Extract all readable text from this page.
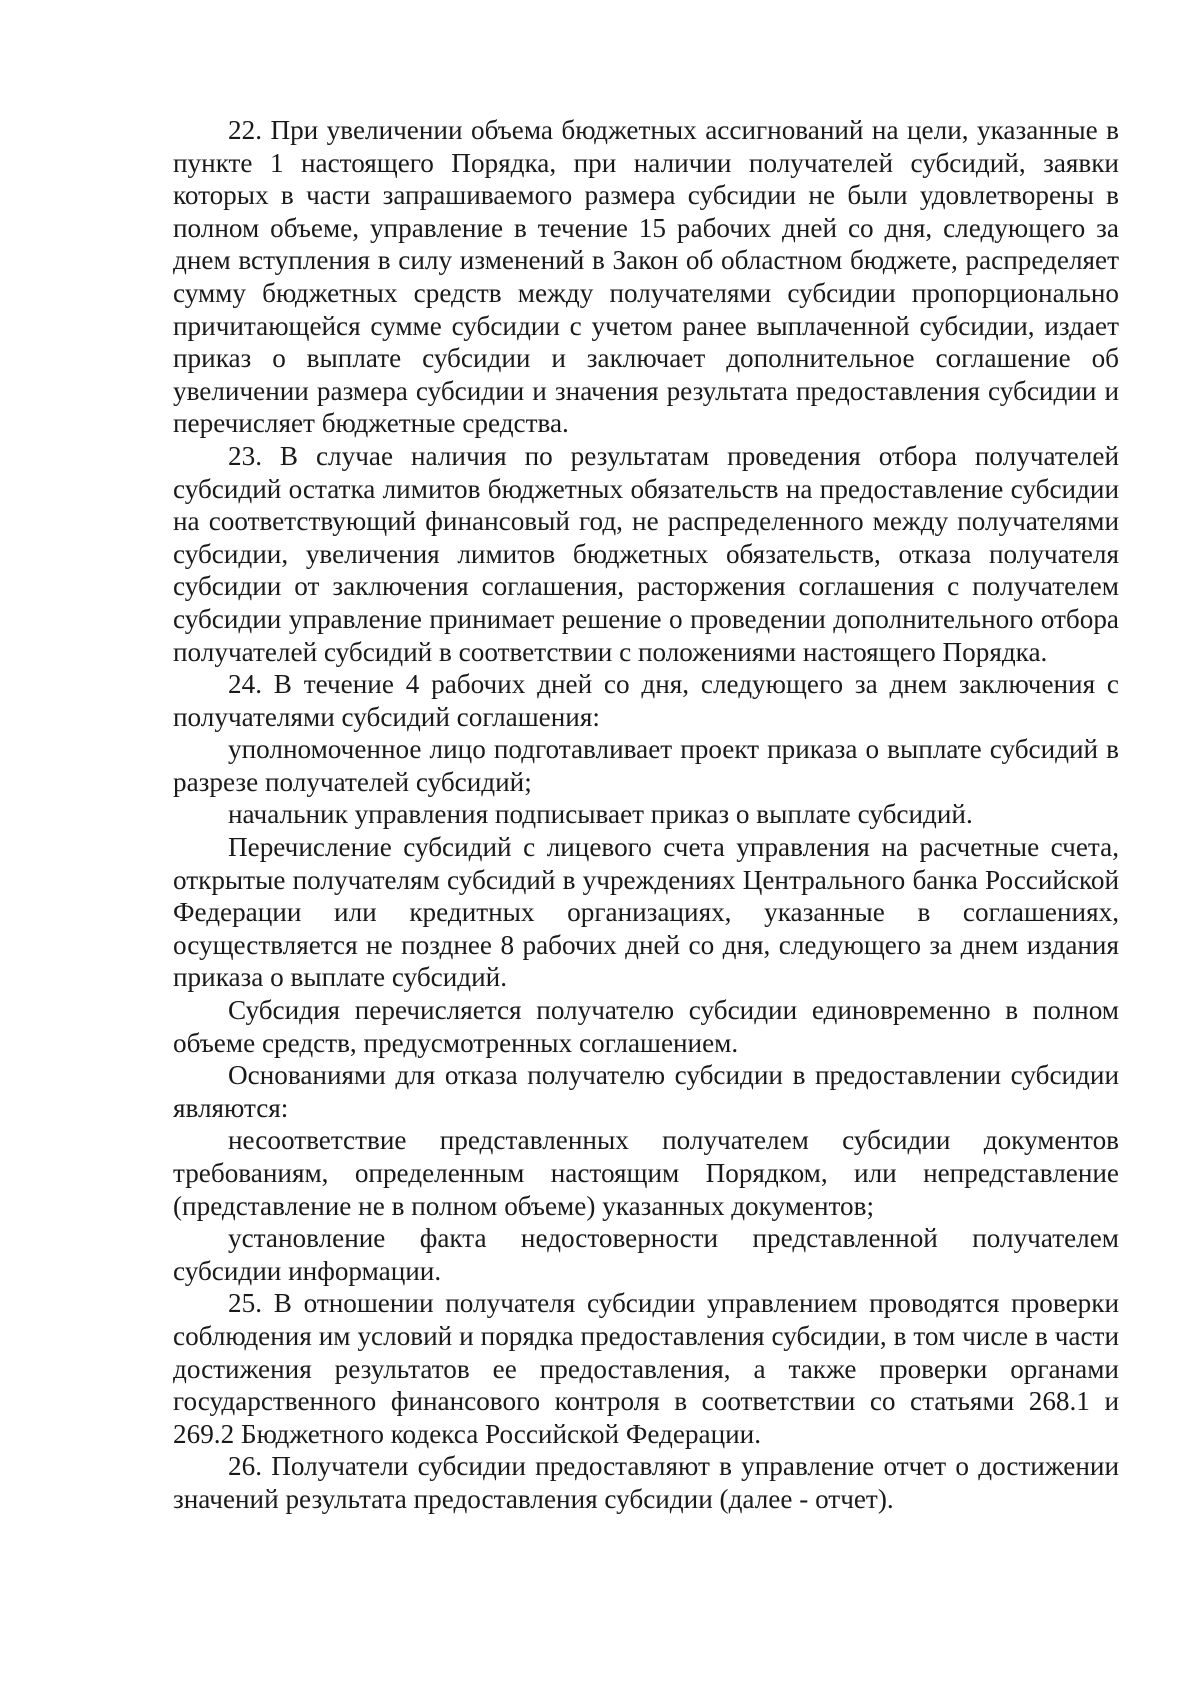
22. При увеличении объема бюджетных ассигнований на цели, указанные в пункте 1 настоящего Порядка, при наличии получателей субсидий, заявки которых в части запрашиваемого размера субсидии не были удовлетворены в полном объеме, управление в течение 15 рабочих дней со дня, следующего за днем вступления в силу изменений в Закон об областном бюджете, распределяет сумму бюджетных средств между получателями субсидии пропорционально причитающейся сумме субсидии с учетом ранее выплаченной субсидии, издает приказ о выплате субсидии и заключает дополнительное соглашение об увеличении размера субсидии и значения результата предоставления субсидии и перечисляет бюджетные средства.

23. В случае наличия по результатам проведения отбора получателей субсидий остатка лимитов бюджетных обязательств на предоставление субсидии на соответствующий финансовый год, не распределенного между получателями субсидии, увеличения лимитов бюджетных обязательств, отказа получателя субсидии от заключения соглашения, расторжения соглашения с получателем субсидии управление принимает решение о проведении дополнительного отбора получателей субсидий в соответствии с положениями настоящего Порядка.

24. В течение 4 рабочих дней со дня, следующего за днем заключения с получателями субсидий соглашения:

уполномоченное лицо подготавливает проект приказа о выплате субсидий в разрезе получателей субсидий;

начальник управления подписывает приказ о выплате субсидий.

Перечисление субсидий с лицевого счета управления на расчетные счета, открытые получателям субсидий в учреждениях Центрального банка Российской Федерации или кредитных организациях, указанные в соглашениях, осуществляется не позднее 8 рабочих дней со дня, следующего за днем издания приказа о выплате субсидий.

Субсидия перечисляется получателю субсидии единовременно в полном объеме средств, предусмотренных соглашением.

Основаниями для отказа получателю субсидии в предоставлении субсидии являются:

несоответствие представленных получателем субсидии документов требованиям, определенным настоящим Порядком, или непредставление (представление не в полном объеме) указанных документов;

установление факта недостоверности представленной получателем субсидии информации.

25. В отношении получателя субсидии управлением проводятся проверки соблюдения им условий и порядка предоставления субсидии, в том числе в части достижения результатов ее предоставления, а также проверки органами государственного финансового контроля в соответствии со статьями 268.1 и 269.2 Бюджетного кодекса Российской Федерации.

26. Получатели субсидии предоставляют в управление отчет о достижении значений результата предоставления субсидии (далее - отчет).
